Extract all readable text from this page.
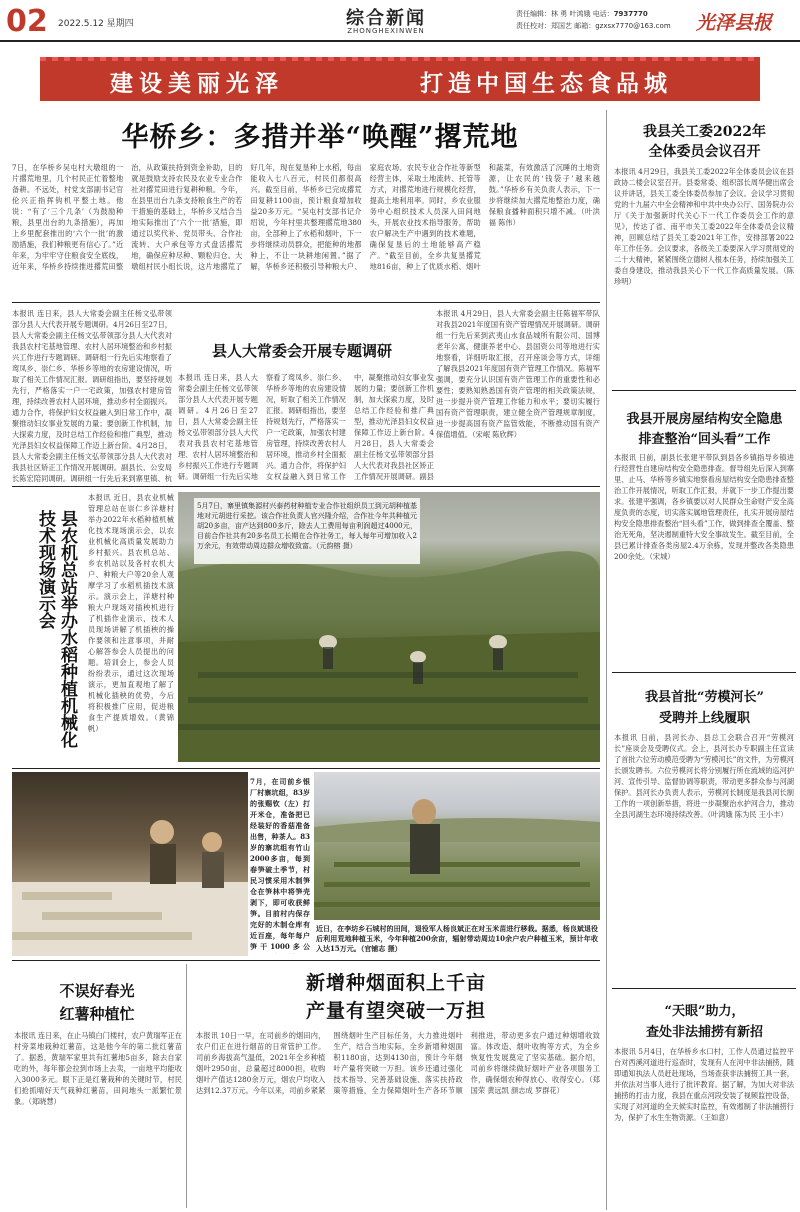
02 2022.5.12 星期四	综合新闻
ZHONGHEXINWEN
责任编辑：林 勇 叶鸿娥 电话：7937770
责任校对：郑国艺 邮箱：gzxsx7770@163.com	光泽县报
建设美丽光泽	打造中国生态食品城
华桥乡：多措并举“唤醒”撂荒地
7日，在华桥乡吴屯村大墩组的一片撂荒地里，几个村民正忙着整地备耕。不远处，村党支部副书记官伦兴正指挥钩机平整土地。他说：“有了‘三个几条’（为鼓励种粮，县里出台的九条措施），再加上乡里配套推出的‘六个一批’的激励措施，我们种粮更有信心了。”近年来，为牢牢守住粮食安全底线，近年来，华桥乡持续推进撂荒田整治，从政策扶持到资金补助，目的就是鼓励支持农民及农业专业合作社对撂荒田进行复耕种粮。今年，在县里出台九条支持粮食生产的若干措施的基础上，华桥乡又结合当地实际推出了‘六个一批’措施，即通过以奖代补、党员带头、合作社流转、大户承包等方式盘活撂荒地，确保应种尽种、颗粒归仓。大墩组村民小组长说，这片地撂荒了好几年，现在复垦种上水稻，每亩能收入七八百元，村民们都很高兴。截至目前，华桥乡已完成撂荒田复耕1100亩，预计粮食增加收益20多万元。“吴屯村支部书记介绍说，今年村里共整理撂荒地380亩，全部种上了水稻和烟叶，下一步将继续动员群众，把能种的地都种上，不让一块耕地闲置。”据了解，华桥乡还积极引导种粮大户、家庭农场、农民专业合作社等新型经营主体，采取土地流转、托管等方式，对撂荒地进行规模化经营，提高土地利用率。同时，乡农业服务中心组织技术人员深入田间地头，开展农业技术指导服务，帮助农户解决生产中遇到的技术难题，确保复垦后的土地能够高产稳产。“截至目前，全乡共复垦撂荒地816亩，种上了优质水稻、烟叶和蔬菜，有效激活了沉睡的土地资源，让农民的‘钱袋子’越来越鼓。”华桥乡有关负责人表示，下一步将继续加大撂荒地整治力度，确保粮食播种面积只增不减。（叶洪福 陈伟）
我县关工委2022年
全体委员会议召开
本报讯 4月29日，我县关工委2022年全体委员会议在县政协二楼会议室召开。县委常委、组织部长周华健出席会议并讲话，县关工委全体委员参加了会议。会议学习贯彻党的十九届六中全会精神和中共中央办公厅、国务院办公厅《关于加强新时代关心下一代工作委员会工作的意见》，传达了省、南平市关工委2022年全体委员会议精神，回顾总结了县关工委2021年工作，安排部署2022年工作任务。会议要求，各级关工委要深入学习贯彻党的二十大精神，紧紧围绕立德树人根本任务，持续加强关工委自身建设，推动我县关心下一代工作高质量发展。（陈珍明）
我县开展房屋结构安全隐患
排查整治“回头看”工作
本报讯 日前，副县长张建平带队到县各乡镇指导乡镇进行经营性自建房结构安全隐患排查。督导组先后深入到寨里、止马、华桥等乡镇实地察看房屋结构安全隐患排查整治工作开展情况，听取工作汇报，并就下一步工作提出要求。张建平强调，各乡镇要以对人民群众生命财产安全高度负责的态度，切实落实属地管理责任，扎实开展房屋结构安全隐患排查整治“回头看”工作，做到排查全覆盖、整治无死角，坚决遏制重特大安全事故发生。截至目前，全县已累计排查各类房屋2.4万余栋，发现并整改各类隐患200余处。（宋城）
我县首批“劳模河长”
受聘并上线履职
本报讯 日前，县河长办、县总工会联合召开“劳模河长”座谈会及受聘仪式。会上，县河长办专职副主任宣读了首批六位劳动模范受聘为“劳模河长”的文件，为劳模河长颁发聘书。六位劳模河长将分别履行所在流域的巡河护河、宣传引导、监督协调等职责，带动更多群众参与河湖保护。县河长办负责人表示，劳模河长制度是我县河长制工作的一项创新举措，将进一步凝聚治水护河合力，推动全县河湖生态环境持续改善。（叶鸿娥 陈为民 王小丰）
“天眼”助力，
查处非法捕捞有新招
本报讯 5月4日，在华桥乡水口村，工作人员通过监控平台对西溪河道进行巡查时，发现有人在河中非法捕捞，随即通知执法人员赶赴现场，当场查获非法捕捞工具一套，并依法对当事人进行了批评教育。据了解，为加大对非法捕捞的打击力度，我县在重点河段安装了视频监控设备，实现了对河道的全天候实时监控，有效遏制了非法捕捞行为，保护了水生生物资源。（王如意）
本报讯 连日来，县人大常委会副主任杨文弘带领部分县人大代表开展专题调研。4月26日至27日，县人大常委会副主任杨文弘带领部分县人大代表对我县农村宅基地管理、农村人居环境整治和乡村振兴工作进行专题调研。调研组一行先后实地察看了鸾凤乡、崇仁乡、华桥乡等地的农房建设情况，听取了相关工作情况汇报。调研组指出，要坚持规划先行，严格落实一户一宅政策，加强农村建房管理，持续改善农村人居环境，推动乡村全面振兴。通力合作，将保护妇女权益融入到日常工作中，凝聚推动妇女事业发展的力量；要创新工作机制，加大探索力度，及时总结工作经验和推广典型，推动光泽县妇女权益保障工作迈上新台阶。4月28日，县人大常委会副主任杨文弘带领部分县人大代表对我县社区矫正工作情况开展调研。副县长、公安局长陈宏陪同调研。调研组一行先后来到寨里镇、杭
县人大常委会开展专题调研
本报讯 连日来，县人大常委会副主任杨文弘带领部分县人大代表开展专题调研。4月26日至27日，县人大常委会副主任杨文弘带领部分县人大代表对我县农村宅基地管理、农村人居环境整治和乡村振兴工作进行专题调研。调研组一行先后实地察看了鸾凤乡、崇仁乡、华桥乡等地的农房建设情况，听取了相关工作情况汇报。调研组指出，要坚持规划先行，严格落实一户一宅政策，加强农村建房管理，持续改善农村人居环境，推动乡村全面振兴。通力合作，将保护妇女权益融入到日常工作中，凝聚推动妇女事业发展的力量；要创新工作机制，加大探索力度，及时总结工作经验和推广典型，推动光泽县妇女权益保障工作迈上新台阶。4月28日，县人大常委会副主任杨文弘带领部分县人大代表对我县社区矫正工作情况开展调研。副县
本报讯 4月29日，县人大常委会副主任陈福军带队对我县2021年度国有资产管理情况开展调研。调研组一行先后来到武夷山水食品城所有限公司、国博老年公寓、健康养老中心、县国资公司等地进行实地察看，详细听取汇报，召开座谈会等方式，详细了解我县2021年度国有资产管理工作情况。陈福军强调，要充分认识国有资产管理工作的重要性和必要性；要熟知熟悉国有资产管理的相关政策法规，进一步提升资产管理工作能力和水平；要切实履行国有资产管理职责，建立健全资产管理规章制度，进一步提高国有资产监管效能，不断推动国有资产保值增值。（宋岷 陈欣辉）
本报讯 近日，县农业机械管理总站在崇仁乡洋塘村举办2022年水稻种植机械化技术现场演示会，以农业机械化高质量发展助力乡村振兴。县农机总站、乡农机站以及各村农机大户、种粮大户等20余人观摩学习了水稻机插技术演示。演示会上，洋塘村种粮大户现场对插秧机进行了机插作业演示，技术人员现场讲解了机插秧的操作要领和注意事项，并耐心解答参会人员提出的问题。培训会上，参会人员纷纷表示，通过这次现场演示，更加直观地了解了机械化插秧的优势，今后将积极推广应用，促进粮食生产提质增效。（黄锦帆）
县农机总站举办水稻种植机械化技术现场演示会
5月7日，寨里镇集源村兴泰药材种植专业合作社组织员工到元胡种植基地对元胡进行采挖。该合作社负责人官兴隆介绍，合作社今年共种植元胡20多亩，亩产达到800多斤，除去人工费用每亩利润超过4000元，目前合作社共有20多名员工长期在合作社务工，每人每年可增加收入2万余元，有效带动周边群众增收致富。（元韵榕 摄）
7月，在司前乡银厂村寨坑组，83岁的张赐钦（左）打开米仓，准备把已经装好的香菇准备出售，种茶人。83岁的寨坑组有竹山2000多亩，每到春笋破土季节，村民习惯采用木制笋仓在笋林中将笋壳剥下，即可收获鲜笋。目前村内保存完好的木制仓库有近百座，每年每户笋干1000多公
近日，在李坊乡石城村的田间，退役军人杨良斌正在对玉米苗进行移栽。据悉，杨良斌退役后利用荒地种植玉米，今年种植200余亩，辐射带动周边10余户农户种植玉米，预计年收入达15万元。（官铺志 摄）
不误好春光
红薯种植忙
本报讯 连日来，在止马镇白门楼村，农户黄瑞军正在村旁菜地栽种红薯苗，这是他今年的第二批红薯苗了。据悉，黄瑞军家里共有红薯地5亩多，除去自家吃的外，每年都会拉到市场上去卖，一亩地平均能收入3000多元。眼下正是红薯栽种的关键时节，村民们抢抓晴好天气栽种红薯苗，田间地头一派繁忙景象。（郑晓慧）
新增种烟面积上千亩
产量有望突破一万担
本报讯 10日一早，在司前乡的烟田内，农户们正在进行烟苗的日常管护工作。司前乡海拔高气温低，2021年全乡种植烟叶2950亩，总量超过8000担，收购烟叶产值达1280余万元，烟农户均收入达到12.37万元。今年以来，司前乡紧紧围绕烟叶生产目标任务，大力推进烟叶生产，结合当地实际，全乡新增种烟面积1180亩，达到4130亩，预计今年烟叶产量将突破一万担。该乡还通过强化技术指导、完善基础设施、落实扶持政策等措施，全力保障烟叶生产各环节顺利推进，带动更多农户通过种烟增收致富。体改造、烟叶收购等方式，为全乡恢复性发展奠定了坚实基础。据介绍，司前乡将继续做好烟叶产业各项服务工作，确保烟农种得放心、收得安心。（郑国荣 黄远凯 颜志成 罗群花）
